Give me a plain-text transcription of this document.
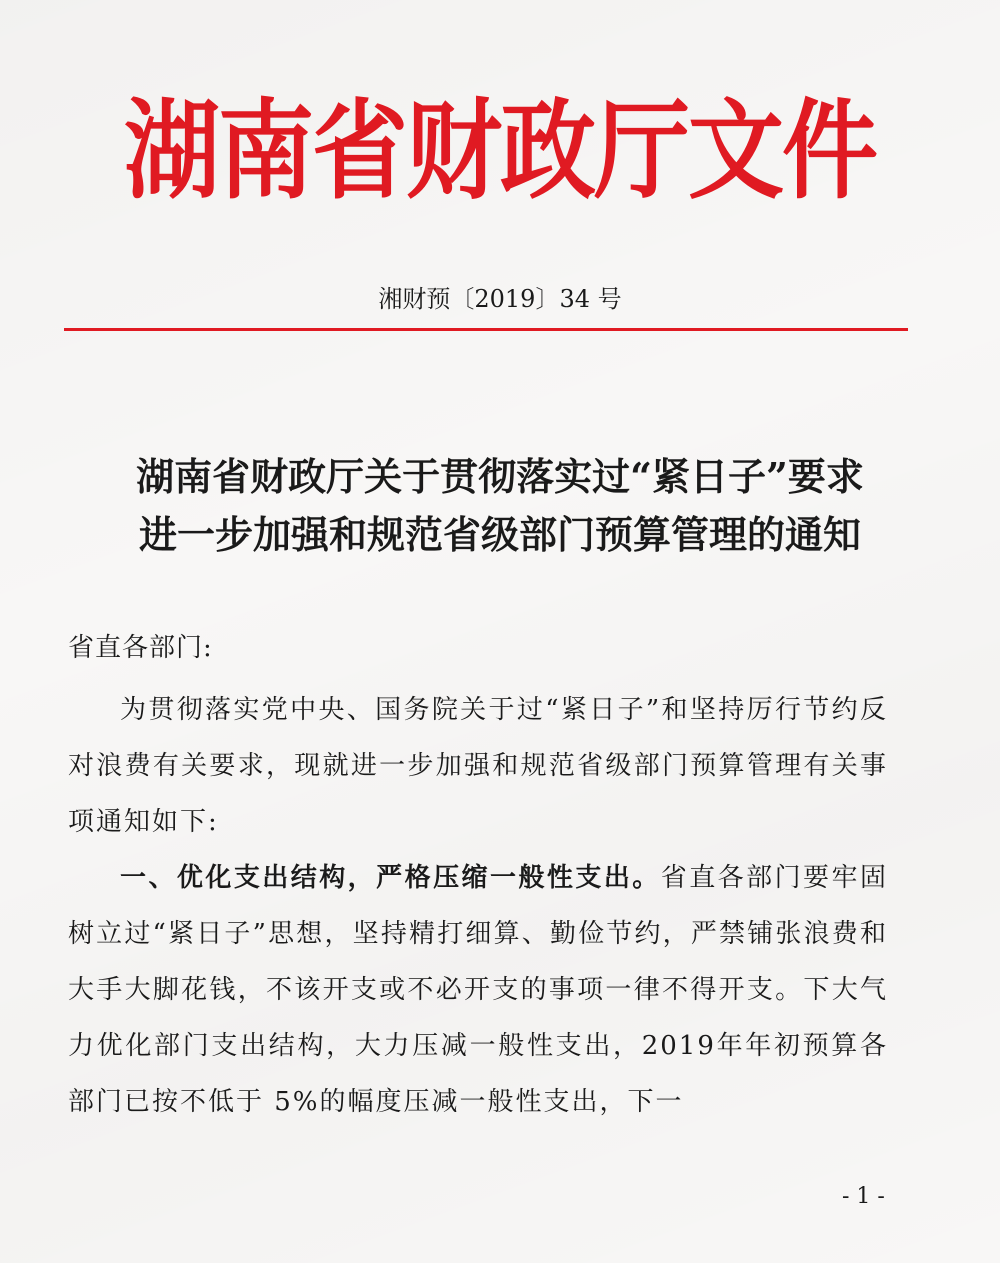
湖南省财政厅文件
湘财预〔2019〕34 号
湖南省财政厅关于贯彻落实过“紧日子”要求
进一步加强和规范省级部门预算管理的通知
省直各部门:

为贯彻落实党中央、国务院关于过“紧日子”和坚持厉行节约反对浪费有关要求，现就进一步加强和规范省级部门预算管理有关事项通知如下:

一、优化支出结构，严格压缩一般性支出。省直各部门要牢固树立过“紧日子”思想，坚持精打细算、勤俭节约，严禁铺张浪费和大手大脚花钱，不该开支或不必开支的事项一律不得开支。下大气力优化部门支出结构，大力压减一般性支出，2019年年初预算各部门已按不低于 5%的幅度压减一般性支出，下一

- 1 -
